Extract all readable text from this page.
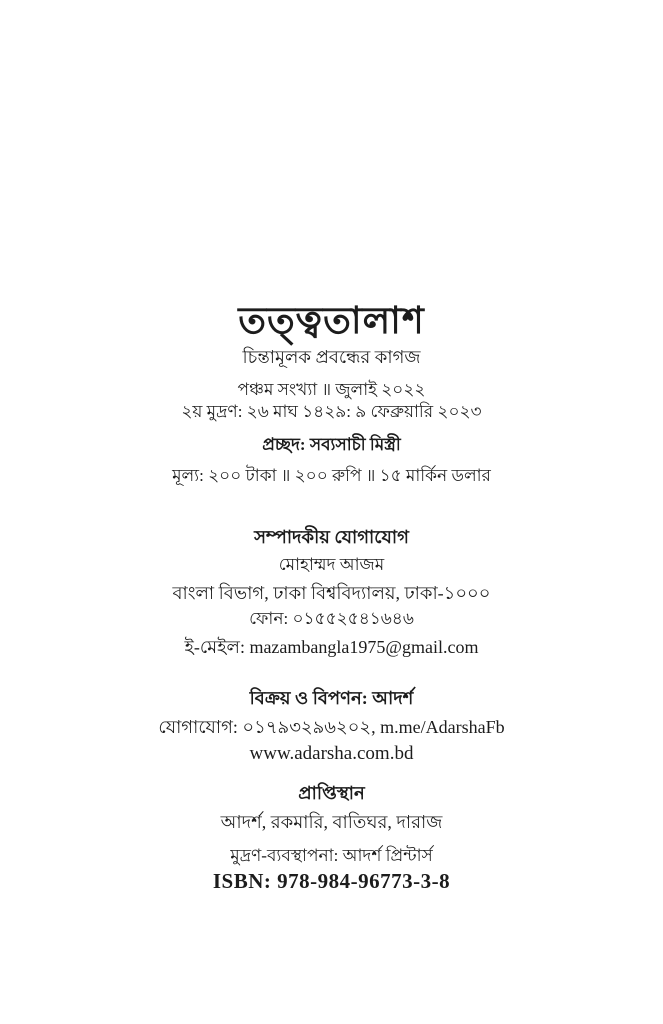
তত্ত্বতালাশ
চিন্তামূলক প্রবন্ধের কাগজ
পঞ্চম সংখ্যা ॥ জুলাই ২০২২
২য় মুদ্রণ: ২৬ মাঘ ১৪২৯: ৯ ফেব্রুয়ারি ২০২৩
প্রচ্ছদ: সব্যসাচী মিস্ত্রী
মূল্য: ২০০ টাকা ॥ ২০০ রুপি ॥ ১৫ মার্কিন ডলার
সম্পাদকীয় যোগাযোগ
মোহাম্মদ আজম
বাংলা বিভাগ, ঢাকা বিশ্ববিদ্যালয়, ঢাকা-১০০০
ফোন: ০১৫৫২৫৪১৬৪৬
ই-মেইল: mazambangla1975@gmail.com
বিক্রয় ও বিপণন: আদর্শ
যোগাযোগ: ০১৭৯৩২৯৬২০২, m.me/AdarshaFb
www.adarsha.com.bd
প্রাপ্তিস্থান
আদর্শ, রকমারি, বাতিঘর, দারাজ
মুদ্রণ-ব্যবস্থাপনা: আদর্শ প্রিন্টার্স
ISBN: 978-984-96773-3-8
